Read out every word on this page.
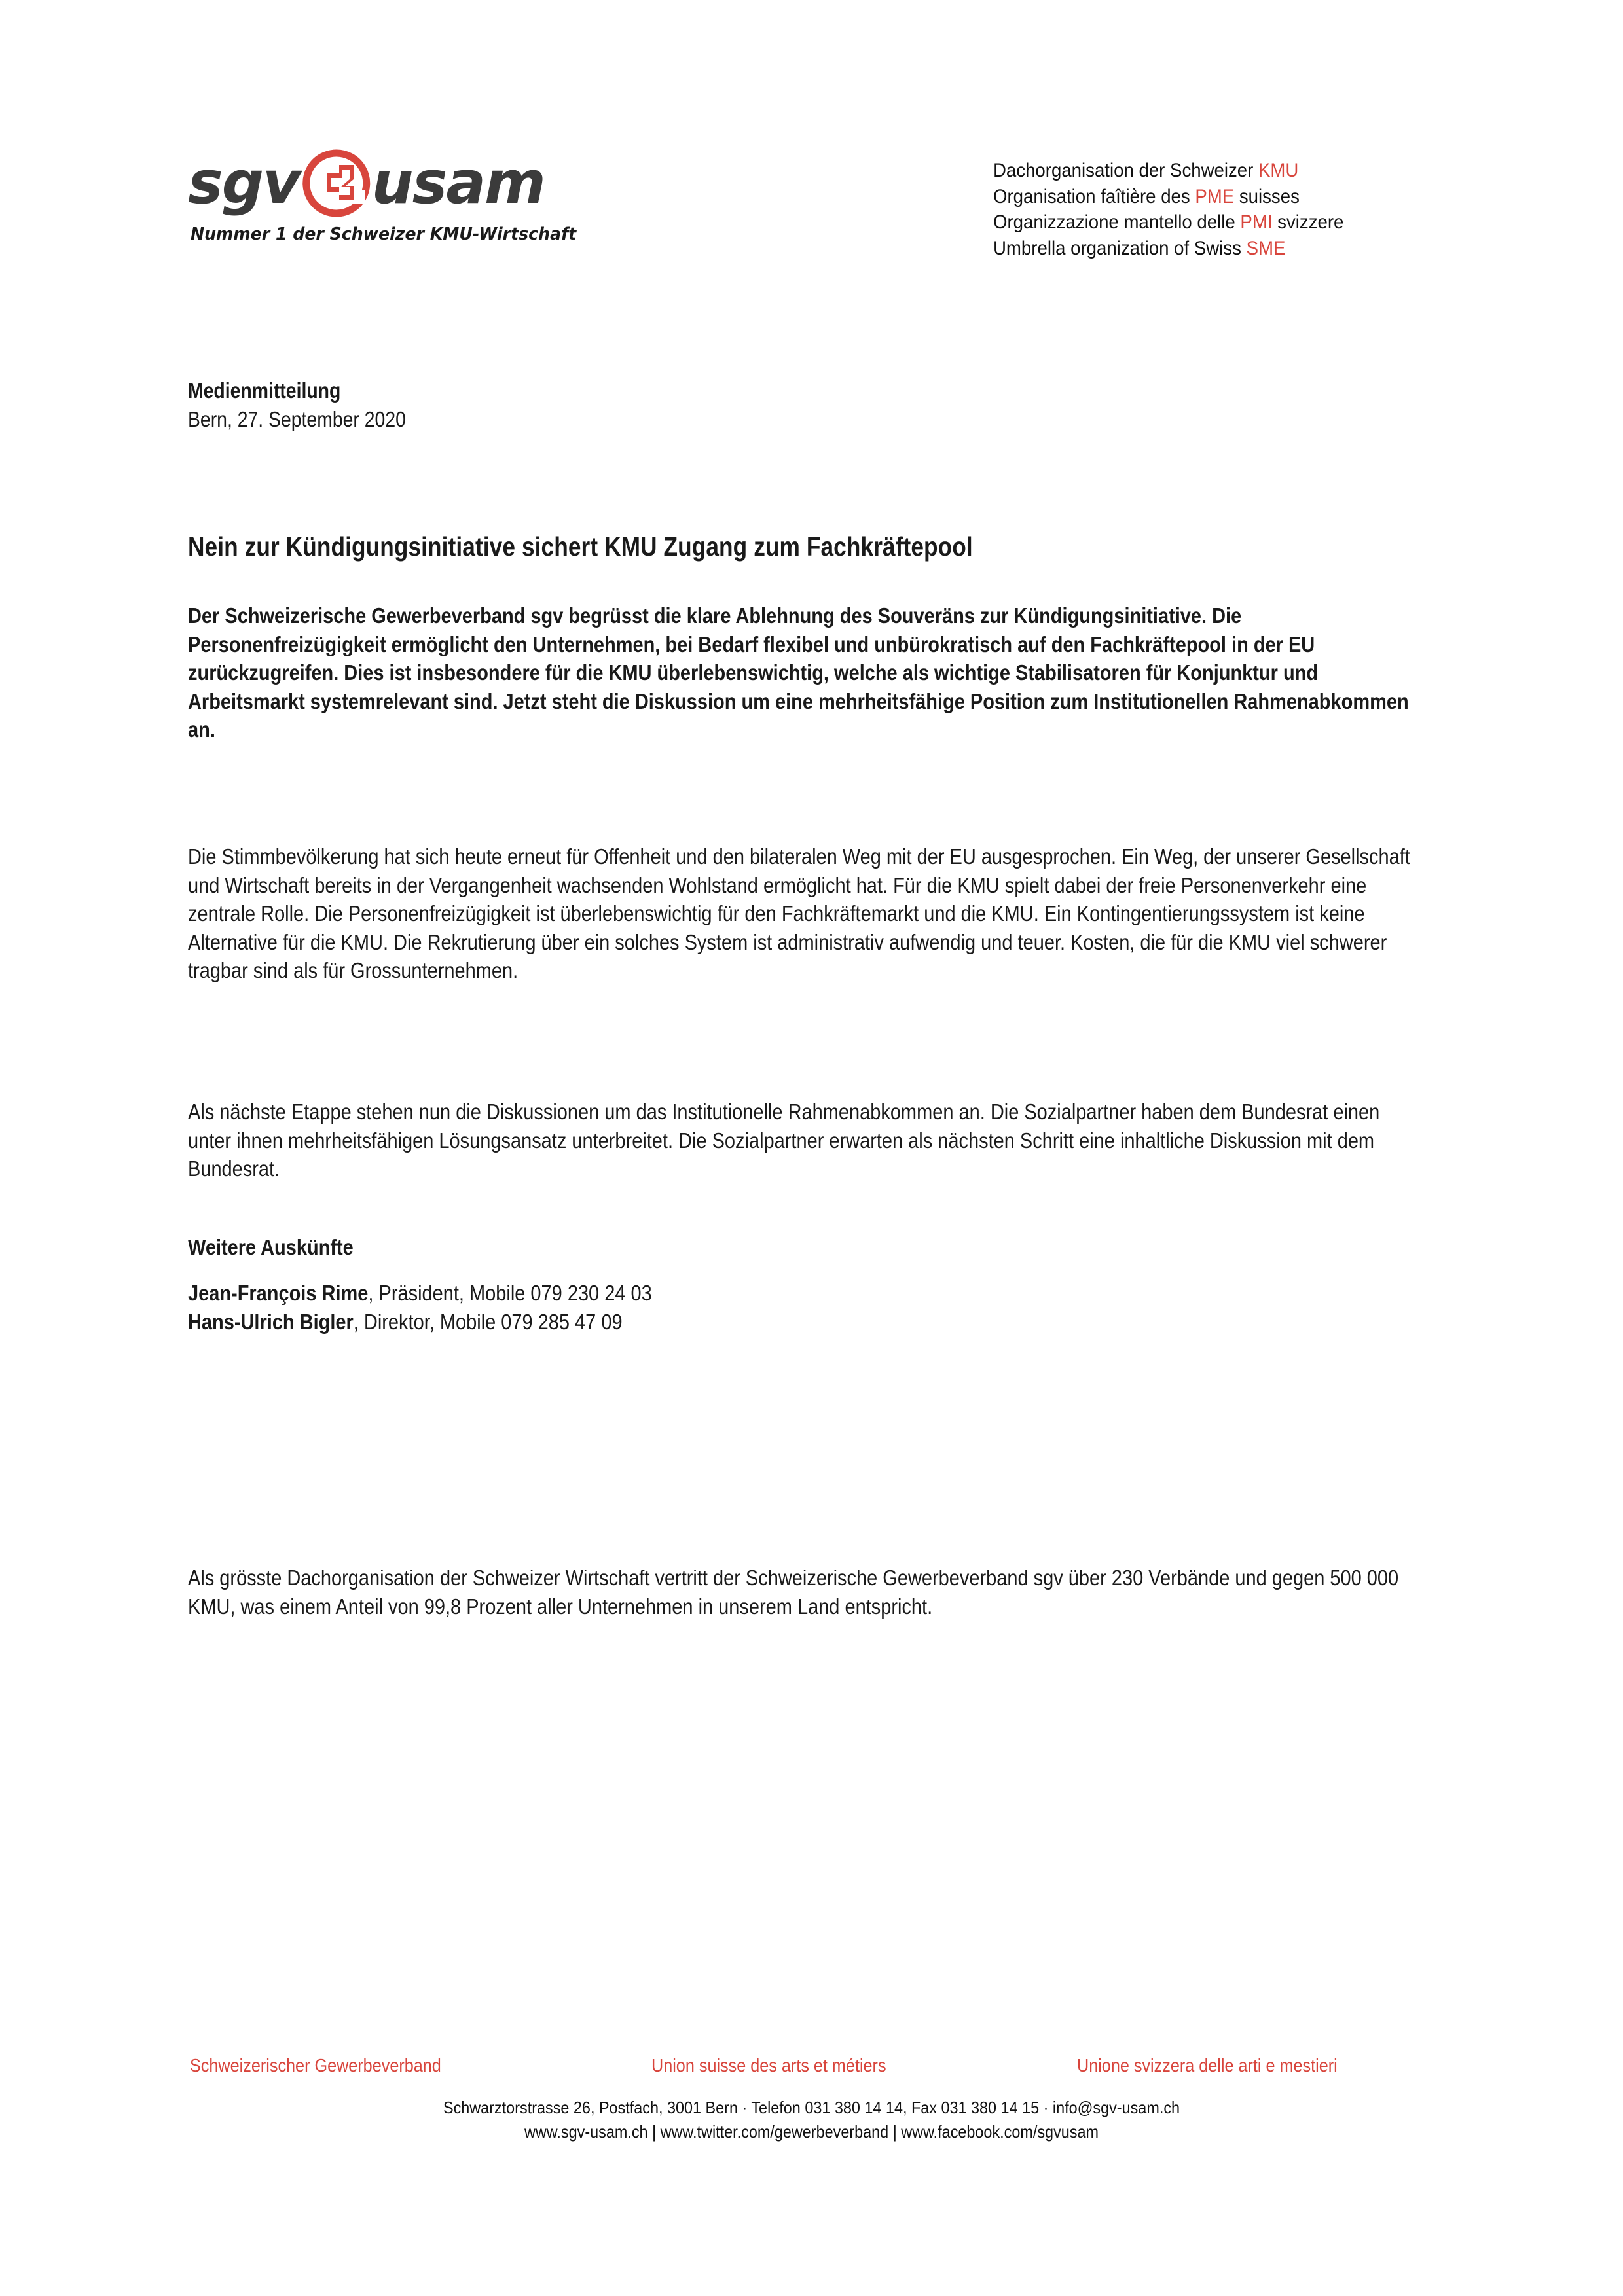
sgv usam
Nummer 1 der Schweizer KMU-Wirtschaft
Dachorganisation der Schweizer KMU
Organisation faîtière des PME suisses
Organizzazione mantello delle PMI svizzere
Umbrella organization of Swiss SME
Medienmitteilung
Bern, 27. September 2020
Nein zur Kündigungsinitiative sichert KMU Zugang zum Fachkräftepool
Der Schweizerische Gewerbeverband sgv begrüsst die klare Ablehnung des Souveräns zur Kündigungsinitiative. Die Personenfreizügigkeit ermöglicht den Unternehmen, bei Bedarf flexibel und unbürokratisch auf den Fachkräftepool in der EU zurückzugreifen. Dies ist insbesondere für die KMU überlebenswichtig, welche als wichtige Stabilisatoren für Konjunktur und Arbeitsmarkt systemrelevant sind. Jetzt steht die Diskussion um eine mehrheitsfähige Position zum Institutionellen Rahmenabkommen an.
Die Stimmbevölkerung hat sich heute erneut für Offenheit und den bilateralen Weg mit der EU ausgesprochen. Ein Weg, der unserer Gesellschaft und Wirtschaft bereits in der Vergangenheit wachsenden Wohlstand ermöglicht hat. Für die KMU spielt dabei der freie Personenverkehr eine zentrale Rolle. Die Personenfreizügigkeit ist überlebenswichtig für den Fachkräftemarkt und die KMU. Ein Kontingentierungssystem ist keine Alternative für die KMU. Die Rekrutierung über ein solches System ist administrativ aufwendig und teuer. Kosten, die für die KMU viel schwerer tragbar sind als für Grossunternehmen.
Als nächste Etappe stehen nun die Diskussionen um das Institutionelle Rahmenabkommen an. Die Sozialpartner haben dem Bundesrat einen unter ihnen mehrheitsfähigen Lösungsansatz unterbreitet. Die Sozialpartner erwarten als nächsten Schritt eine inhaltliche Diskussion mit dem Bundesrat.
Weitere Auskünfte
Jean-François Rime, Präsident, Mobile 079 230 24 03
Hans-Ulrich Bigler, Direktor, Mobile 079 285 47 09
Als grösste Dachorganisation der Schweizer Wirtschaft vertritt der Schweizerische Gewerbeverband sgv über 230 Verbände und gegen 500 000 KMU, was einem Anteil von 99,8 Prozent aller Unternehmen in unserem Land entspricht.
Schweizerischer Gewerbeverband	Union suisse des arts et métiers	Unione svizzera delle arti e mestieri
Schwarztorstrasse 26, Postfach, 3001 Bern · Telefon 031 380 14 14, Fax 031 380 14 15 · info@sgv-usam.ch
www.sgv-usam.ch | www.twitter.com/gewerbeverband | www.facebook.com/sgvusam
